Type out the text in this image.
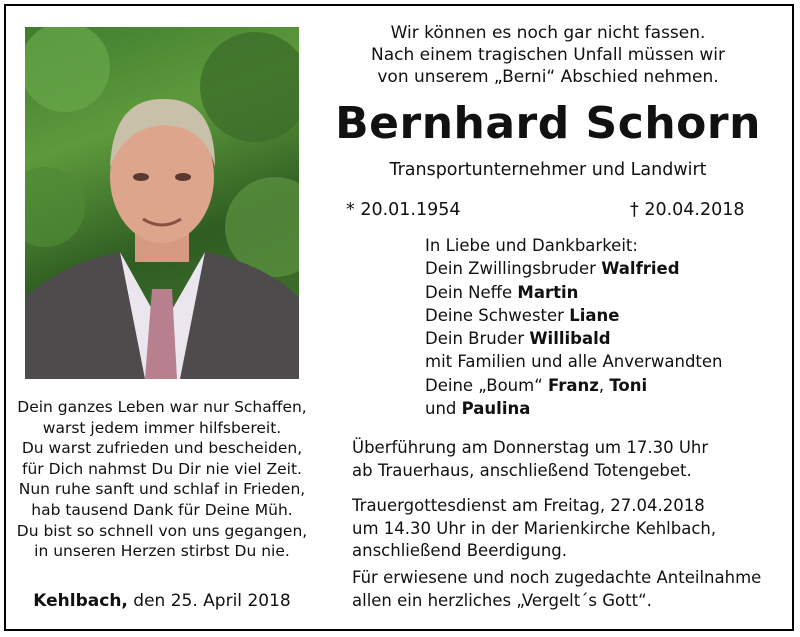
Wir können es noch gar nicht fassen.
Nach einem tragischen Unfall müssen wir
von unserem „Berni“ Abschied nehmen.
Bernhard Schorn
Transportunternehmer und Landwirt
* 20.01.1954	† 20.04.2018
In Liebe und Dankbarkeit:
Dein Zwillingsbruder Walfried
Dein Neffe Martin
Deine Schwester Liane
Dein Bruder Willibald
mit Familien und alle Anverwandten
Deine „Boum“ Franz, Toni
und Paulina
Dein ganzes Leben war nur Schaffen,
warst jedem immer hilfsbereit.
Du warst zufrieden und bescheiden,
für Dich nahmst Du Dir nie viel Zeit.
Nun ruhe sanft und schlaf in Frieden,
hab tausend Dank für Deine Müh.
Du bist so schnell von uns gegangen,
in unseren Herzen stirbst Du nie.
Kehlbach, den 25. April 2018
Überführung am Donnerstag um 17.30 Uhr
ab Trauerhaus, anschließend Totengebet.
Trauergottesdienst am Freitag, 27.04.2018
um 14.30 Uhr in der Marienkirche Kehlbach,
anschließend Beerdigung.
Für erwiesene und noch zugedachte Anteilnahme
allen ein herzliches „Vergelt´s Gott“.
